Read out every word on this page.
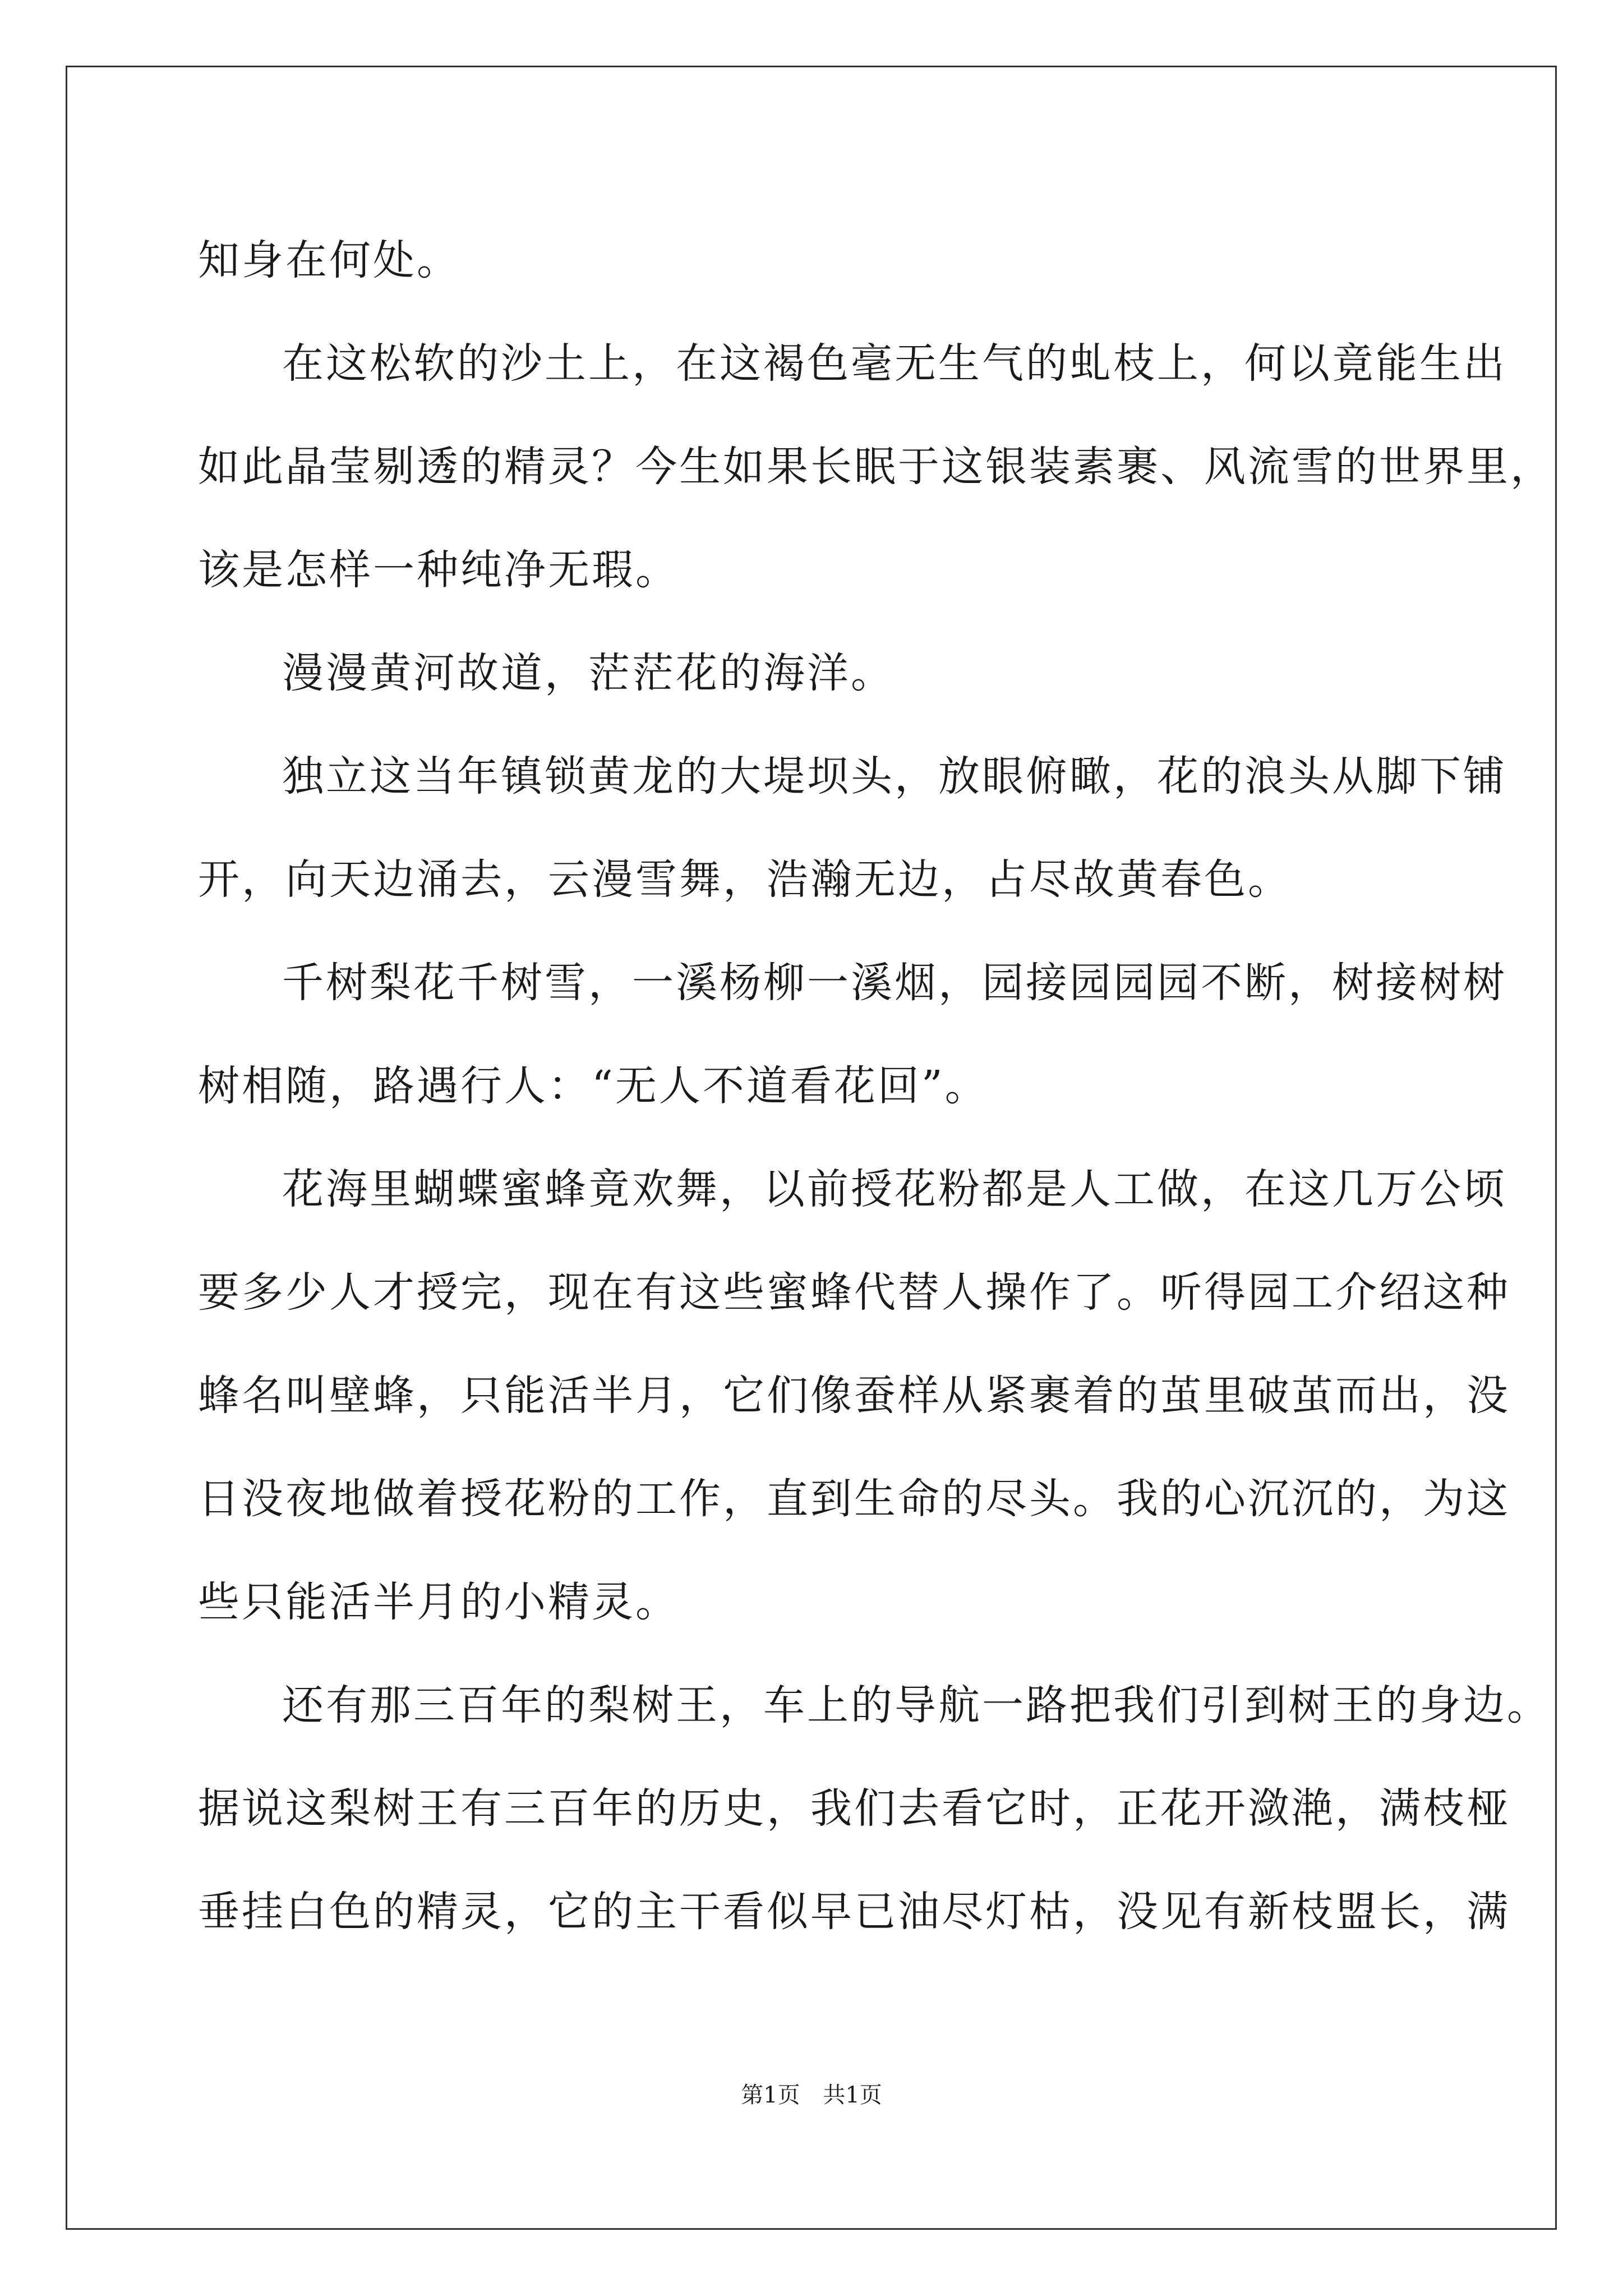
知身在何处。

在这松软的沙土上，在这褐色毫无生气的虬枝上，何以竟能生出

如此晶莹剔透的精灵？今生如果长眠于这银装素裹、风流雪的世界里，

该是怎样一种纯净无瑕。

漫漫黄河故道，茫茫花的海洋。

独立这当年镇锁黄龙的大堤坝头，放眼俯瞰，花的浪头从脚下铺

开，向天边涌去，云漫雪舞，浩瀚无边，占尽故黄春色。

千树梨花千树雪，一溪杨柳一溪烟，园接园园园不断，树接树树

树相随，路遇行人：“无人不道看花回”。

花海里蝴蝶蜜蜂竟欢舞，以前授花粉都是人工做，在这几万公顷

要多少人才授完，现在有这些蜜蜂代替人操作了。听得园工介绍这种

蜂名叫壁蜂，只能活半月，它们像蚕样从紧裹着的茧里破茧而出，没

日没夜地做着授花粉的工作，直到生命的尽头。我的心沉沉的，为这

些只能活半月的小精灵。

还有那三百年的梨树王，车上的导航一路把我们引到树王的身边。

据说这梨树王有三百年的历史，我们去看它时，正花开潋滟，满枝桠

垂挂白色的精灵，它的主干看似早已油尽灯枯，没见有新枝盟长，满

第1页 共1页
